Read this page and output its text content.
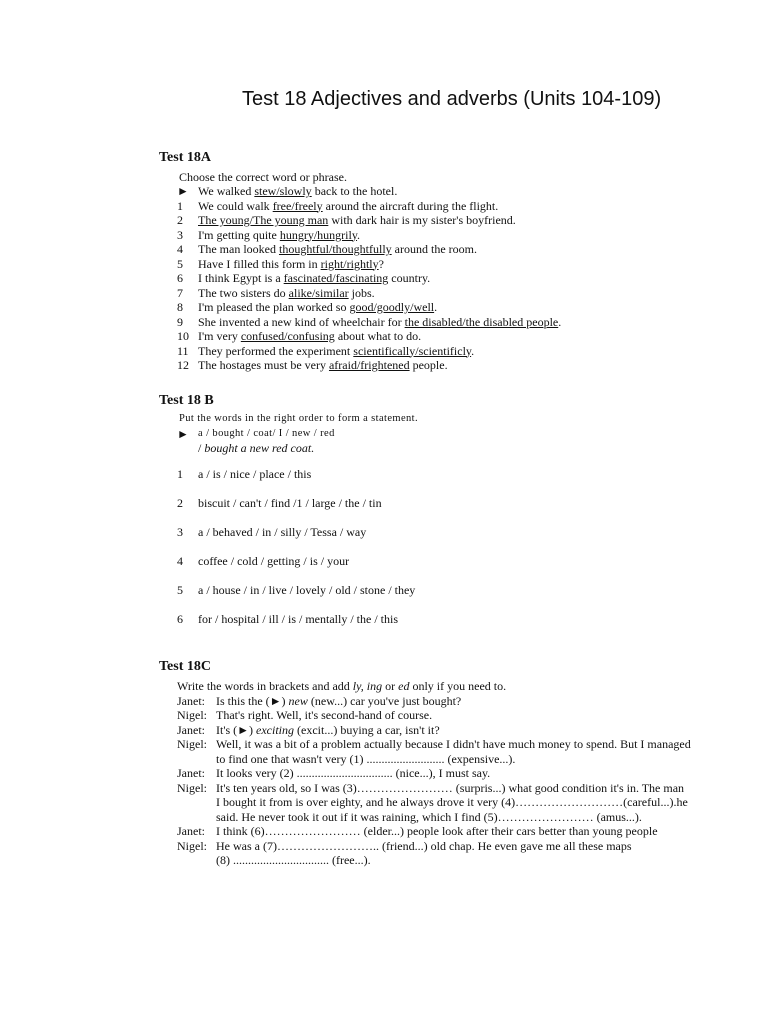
Test 18 Adjectives and adverbs (Units 104-109)
Test 18A
Choose the correct word or phrase.
► We walked stew/slowly back to the hotel.
1 We could walk free/freely around the aircraft during the flight.
2 The young/The young man with dark hair is my sister's boyfriend.
3 I'm getting quite hungry/hungrily.
4 The man looked thoughtful/thoughtfully around the room.
5 Have I filled this form in right/rightly?
6 I think Egypt is a fascinated/fascinating country.
7 The two sisters do alike/similar jobs.
8 I'm pleased the plan worked so good/goodly/well.
9 She invented a new kind of wheelchair for the disabled/the disabled people.
10 I'm very confused/confusing about what to do.
11 They performed the experiment scientifically/scientificly.
12 The hostages must be very afraid/frightened people.
Test 18 B
Put the words in the right order to form a statement.
► a / bought / coat/ I / new / red
/ bought a new red coat.
1 a / is / nice / place / this
2 biscuit / can't / find /1 / large / the / tin
3 a / behaved / in / silly / Tessa / way
4 coffee / cold / getting / is / your
5 a / house / in / live / lovely / old / stone / they
6 for / hospital / ill / is / mentally / the / this
Test 18C
Write the words in brackets and add ly, ing or ed only if you need to.
Janet: Is this the (►) new (new...) car you've just bought?
Nigel: That's right. Well, it's second-hand of course.
Janet: It's (►) exciting (excit...) buying a car, isn't it?
Nigel: Well, it was a bit of a problem actually because I didn't have much money to spend. But I managed
to find one that wasn't very (1) .......................... (expensive...).
Janet: It looks very (2) ................................ (nice...), I must say.
Nigel: It's ten years old, so I was (3)…………………… (surpris...) what good condition it's in. The man
I bought it from is over eighty, and he always drove it very (4)………………………(careful...).he
said. He never took it out if it was raining, which I find (5)…………………… (amus...).
Janet: I think (6)…………………… (elder...) people look after their cars better than young people
Nigel: He was a (7)…………………….. (friend...) old chap. He even gave me all these maps
(8) ................................ (free...).
